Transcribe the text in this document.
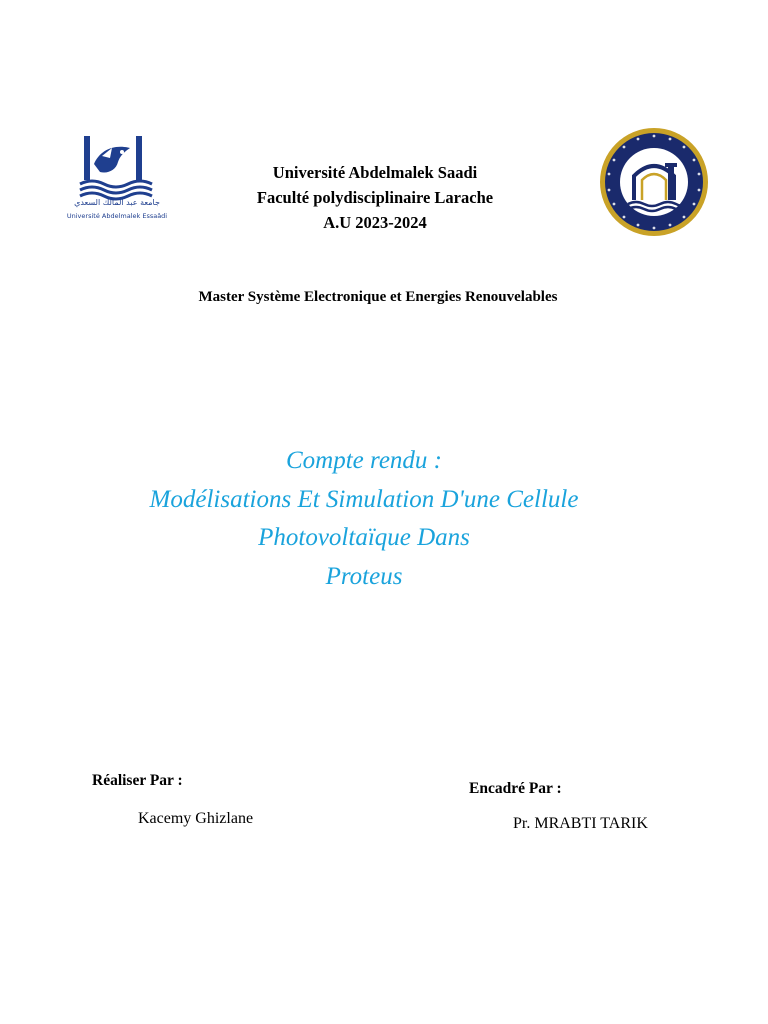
جامعة عبد المالك السعدي
Université Abdelmalek Essaâdi
Université Abdelmalek Saadi
Faculté polydisciplinaire Larache
A.U 2023-2024
Master Système Electronique et Energies Renouvelables
Compte rendu :
Modélisations Et Simulation D'une Cellule
Photovoltaïque Dans
Proteus
Réaliser Par :
Kacemy Ghizlane
Encadré Par :
Pr. MRABTI TARIK
